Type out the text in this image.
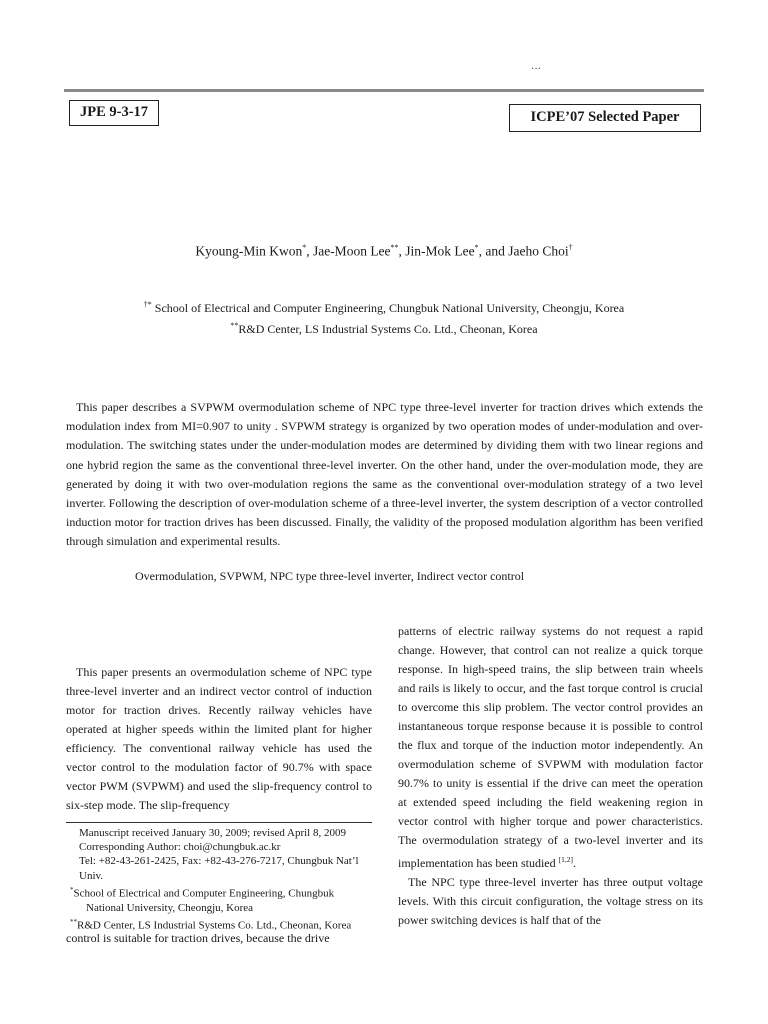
···
JPE 9-3-17	ICPE’07 Selected Paper
Kyoung-Min Kwon*, Jae-Moon Lee**, Jin-Mok Lee*, and Jaeho Choi†
†* School of Electrical and Computer Engineering, Chungbuk National University, Cheongju, Korea
**R&D Center, LS Industrial Systems Co. Ltd., Cheonan, Korea

This paper describes a SVPWM overmodulation scheme of NPC type three-level inverter for traction drives which extends the modulation index from MI=0.907 to unity . SVPWM strategy is organized by two operation modes of under-modulation and over-modulation. The switching states under the under-modulation modes are determined by dividing them with two linear regions and one hybrid region the same as the conventional three-level inverter. On the other hand, under the over-modulation mode, they are generated by doing it with two over-modulation regions the same as the conventional over-modulation strategy of a two level inverter. Following the description of over-modulation scheme of a three-level inverter, the system description of a vector controlled induction motor for traction drives has been discussed. Finally, the validity of the proposed modulation algorithm has been verified through simulation and experimental results.

Overmodulation, SVPWM, NPC type three-level inverter, Indirect vector control

This paper presents an overmodulation scheme of NPC type three-level inverter and an indirect vector control of induction motor for traction drives. Recently railway vehicles have operated at higher speeds within the limited plant for higher efficiency. The conventional railway vehicle has used the vector control to the modulation factor of 90.7% with space vector PWM (SVPWM) and used the slip-frequency control to six-step mode. The slip-frequency

Manuscript received January 30, 2009; revised April 8, 2009

Corresponding Author: choi@chungbuk.ac.kr

Tel: +82-43-261-2425, Fax: +82-43-276-7217, Chungbuk Nat’l Univ.

*School of Electrical and Computer Engineering, Chungbuk

National University, Cheongju, Korea

**R&D Center, LS Industrial Systems Co. Ltd., Cheonan, Korea

control is suitable for traction drives, because the drive

patterns of electric railway systems do not request a rapid change. However, that control can not realize a quick torque response. In high-speed trains, the slip between train wheels and rails is likely to occur, and the fast torque control is crucial to overcome this slip problem. The vector control provides an instantaneous torque response because it is possible to control the flux and torque of the induction motor independently. An overmodulation scheme of SVPWM with modulation factor 90.7% to unity is essential if the drive can meet the operation at extended speed including the field weakening region in vector control with higher torque and power characteristics. The overmodulation strategy of a two-level inverter and its implementation has been studied [1,2].

The NPC type three-level inverter has three output voltage levels. With this circuit configuration, the voltage stress on its power switching devices is half that of the
